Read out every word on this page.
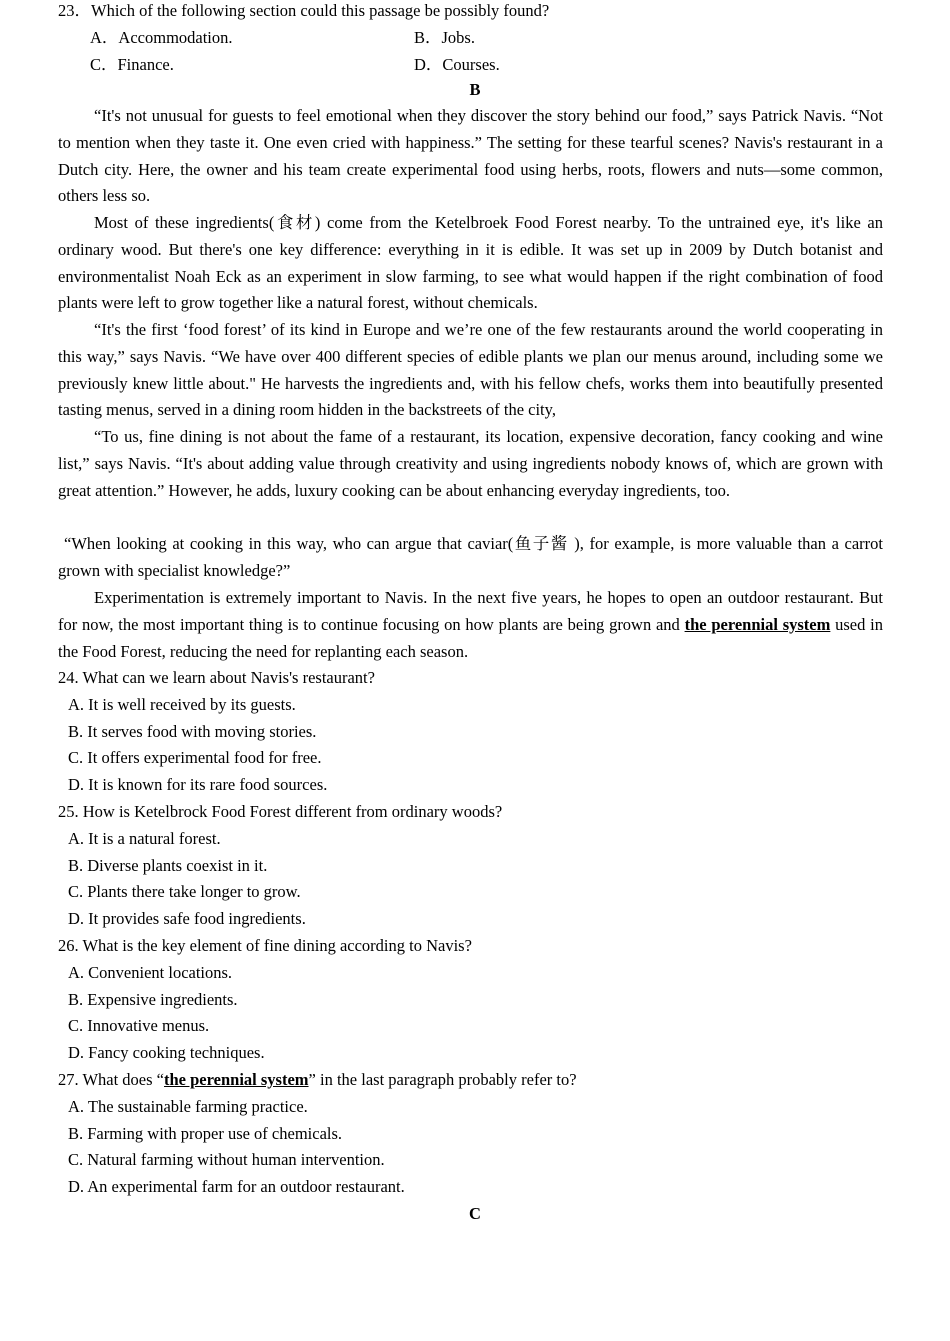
23．Which of the following section could this passage be possibly found?
A．Accommodation.	B．Jobs.
C．Finance.	D．Courses.
B
“It's not unusual for guests to feel emotional when they discover the story behind our food,” says Patrick Navis. “Not to mention when they taste it. One even cried with happiness.” The setting for these tearful scenes? Navis's restaurant in a Dutch city. Here, the owner and his team create experimental food using herbs, roots, flowers and nuts—some common, others less so.
Most of these ingredients(食材) come from the Ketelbroek Food Forest nearby. To the untrained eye, it's like an ordinary wood. But there's one key difference: everything in it is edible. It was set up in 2009 by Dutch botanist and environmentalist Noah Eck as an experiment in slow farming, to see what would happen if the right combination of food plants were left to grow together like a natural forest, without chemicals.
“It's the first ‘food forest’ of its kind in Europe and we’re one of the few restaurants around the world cooperating in this way,” says Navis. “We have over 400 different species of edible plants we plan our menus around, including some we previously knew little about." He harvests the ingredients and, with his fellow chefs, works them into beautifully presented tasting menus, served in a dining room hidden in the backstreets of the city,
“To us, fine dining is not about the fame of a restaurant, its location, expensive decoration, fancy cooking and wine list,” says Navis. “It's about adding value through creativity and using ingredients nobody knows of, which are grown with great attention.” However, he adds, luxury cooking can be about enhancing everyday ingredients, too.
“When looking at cooking in this way, who can argue that caviar(鱼子酱 ), for example, is more valuable than a carrot grown with specialist knowledge?”
Experimentation is extremely important to Navis. In the next five years, he hopes to open an outdoor restaurant. But for now, the most important thing is to continue focusing on how plants are being grown and the perennial system used in the Food Forest, reducing the need for replanting each season.
24. What can we learn about Navis's restaurant?
A. It is well received by its guests.
B. It serves food with moving stories.
C. It offers experimental food for free.
D. It is known for its rare food sources.
25. How is Ketelbrock Food Forest different from ordinary woods?
A. It is a natural forest.
B. Diverse plants coexist in it.
C. Plants there take longer to grow.
D. It provides safe food ingredients.
26. What is the key element of fine dining according to Navis?
A. Convenient locations.
B. Expensive ingredients.
C. Innovative menus.
D. Fancy cooking techniques.
27. What does “the perennial system” in the last paragraph probably refer to?
A. The sustainable farming practice.
B. Farming with proper use of chemicals.
C. Natural farming without human intervention.
D. An experimental farm for an outdoor restaurant.
C
